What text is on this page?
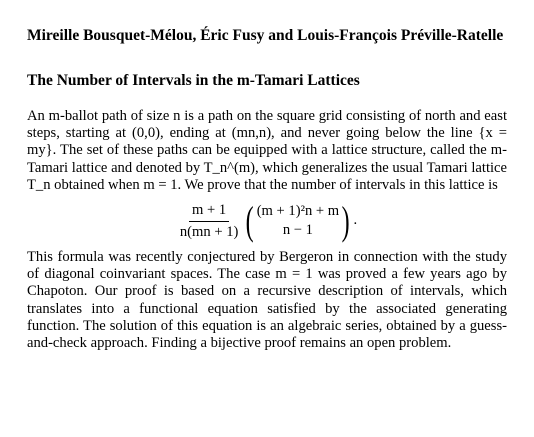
Mireille Bousquet-Mélou, Éric Fusy and Louis-François Préville-Ratelle
The Number of Intervals in the m-Tamari Lattices

An m-ballot path of size n is a path on the square grid consisting of north and east steps, starting at (0,0), ending at (mn,n), and never going below the line {x = my}. The set of these paths can be equipped with a lattice structure, called the m-Tamari lattice and denoted by T_n^(m), which generalizes the usual Tamari lattice T_n obtained when m = 1. We prove that the number of intervals in this lattice is

$\frac{m + 1}{n(mn + 1)}$ ( (m + 1)²n + m
n − 1 ) .

This formula was recently conjectured by Bergeron in connection with the study of diagonal coinvariant spaces. The case m = 1 was proved a few years ago by Chapoton. Our proof is based on a recursive description of intervals, which translates into a functional equation satisfied by the associated generating function. The solution of this equation is an algebraic series, obtained by a guess-and-check approach. Finding a bijective proof remains an open problem.
